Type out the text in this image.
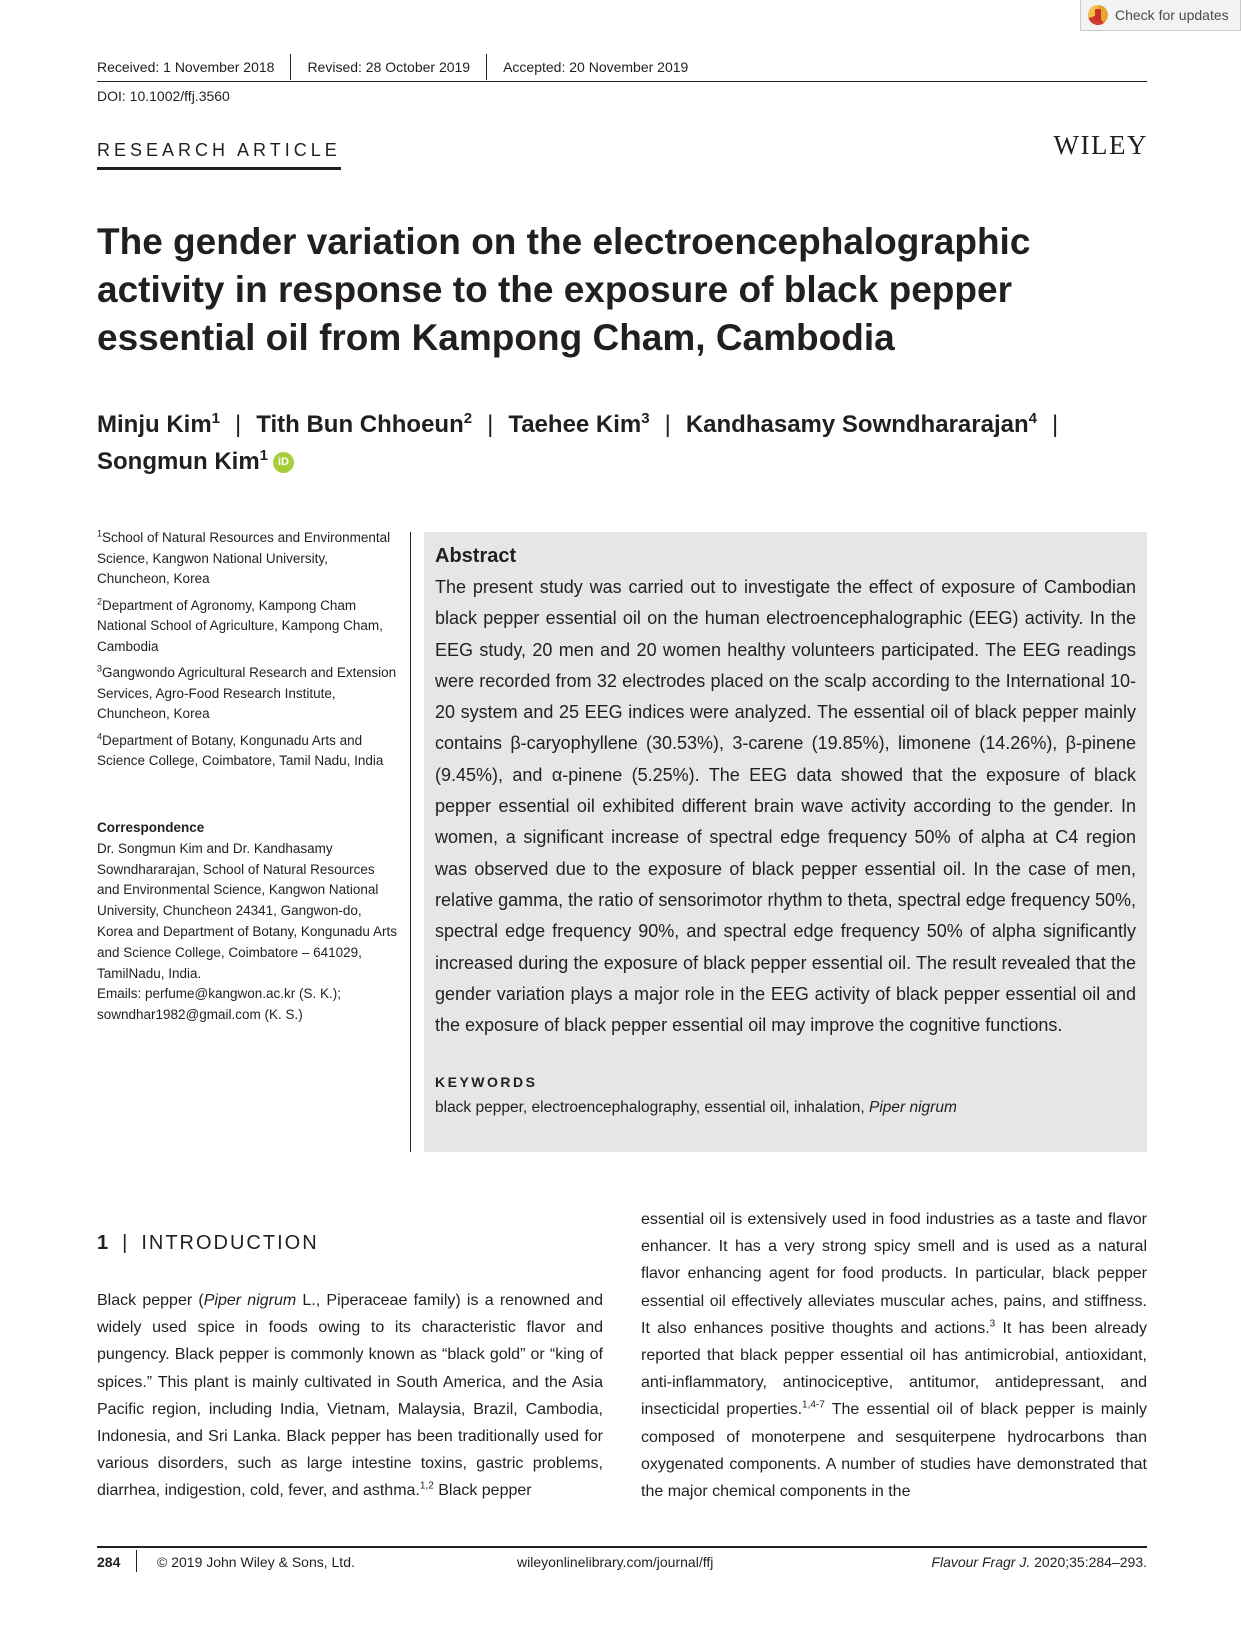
Check for updates
Received: 1 November 2018	Revised: 28 October 2019	Accepted: 20 November 2019
DOI: 10.1002/ffj.3560
RESEARCH ARTICLE	WILEY
The gender variation on the electroencephalographic activity in response to the exposure of black pepper essential oil from Kampong Cham, Cambodia
Minju Kim$^1$ | Tith Bun Chhoeun$^2$ | Taehee Kim$^3$ | Kandhasamy Sowndhararajan$^4$ |
Songmun Kim$^1$ iD

$^1$School of Natural Resources and Environmental Science, Kangwon National University, Chuncheon, Korea

$^2$Department of Agronomy, Kampong Cham National School of Agriculture, Kampong Cham, Cambodia

$^3$Gangwondo Agricultural Research and Extension Services, Agro-Food Research Institute, Chuncheon, Korea

$^4$Department of Botany, Kongunadu Arts and Science College, Coimbatore, Tamil Nadu, India

Correspondence
Dr. Songmun Kim and Dr. Kandhasamy Sowndhararajan, School of Natural Resources and Environmental Science, Kangwon National University, Chuncheon 24341, Gangwon-do, Korea and Department of Botany, Kongunadu Arts and Science College, Coimbatore – 641029, TamilNadu, India.
Emails: perfume@kangwon.ac.kr (S. K.);
sowndhar1982@gmail.com (K. S.)
Abstract
The present study was carried out to investigate the effect of exposure of Cambodian black pepper essential oil on the human electroencephalographic (EEG) activity. In the EEG study, 20 men and 20 women healthy volunteers participated. The EEG readings were recorded from 32 electrodes placed on the scalp according to the International 10-20 system and 25 EEG indices were analyzed. The essential oil of black pepper mainly contains β-caryophyllene (30.53%), 3-carene (19.85%), limonene (14.26%), β-pinene (9.45%), and α-pinene (5.25%). The EEG data showed that the exposure of black pepper essential oil exhibited different brain wave activity according to the gender. In women, a significant increase of spectral edge frequency 50% of alpha at C4 region was observed due to the exposure of black pepper essential oil. In the case of men, relative gamma, the ratio of sensorimotor rhythm to theta, spectral edge frequency 50%, spectral edge frequency 90%, and spectral edge frequency 50% of alpha significantly increased during the exposure of black pepper essential oil. The result revealed that the gender variation plays a major role in the EEG activity of black pepper essential oil and the exposure of black pepper essential oil may improve the cognitive functions.
KEYWORDS
black pepper, electroencephalography, essential oil, inhalation, Piper nigrum
1 | INTRODUCTION
Black pepper (Piper nigrum L., Piperaceae family) is a renowned and widely used spice in foods owing to its characteristic flavor and pungency. Black pepper is commonly known as “black gold” or “king of spices.” This plant is mainly cultivated in South America, and the Asia Pacific region, including India, Vietnam, Malaysia, Brazil, Cambodia, Indonesia, and Sri Lanka. Black pepper has been traditionally used for various disorders, such as large intestine toxins, gastric problems, diarrhea, indigestion, cold, fever, and asthma.$^{1,2}$ Black pepper
essential oil is extensively used in food industries as a taste and flavor enhancer. It has a very strong spicy smell and is used as a natural flavor enhancing agent for food products. In particular, black pepper essential oil effectively alleviates muscular aches, pains, and stiffness. It also enhances positive thoughts and actions.$^3$ It has been already reported that black pepper essential oil has antimicrobial, antioxidant, anti-inflammatory, antinociceptive, antitumor, antidepressant, and insecticidal properties.$^{1,4-7}$ The essential oil of black pepper is mainly composed of monoterpene and sesquiterpene hydrocarbons than oxygenated components. A number of studies have demonstrated that the major chemical components in the
284	© 2019 John Wiley & Sons, Ltd.	wileyonlinelibrary.com/journal/ffj	Flavour Fragr J. 2020;35:284–293.
